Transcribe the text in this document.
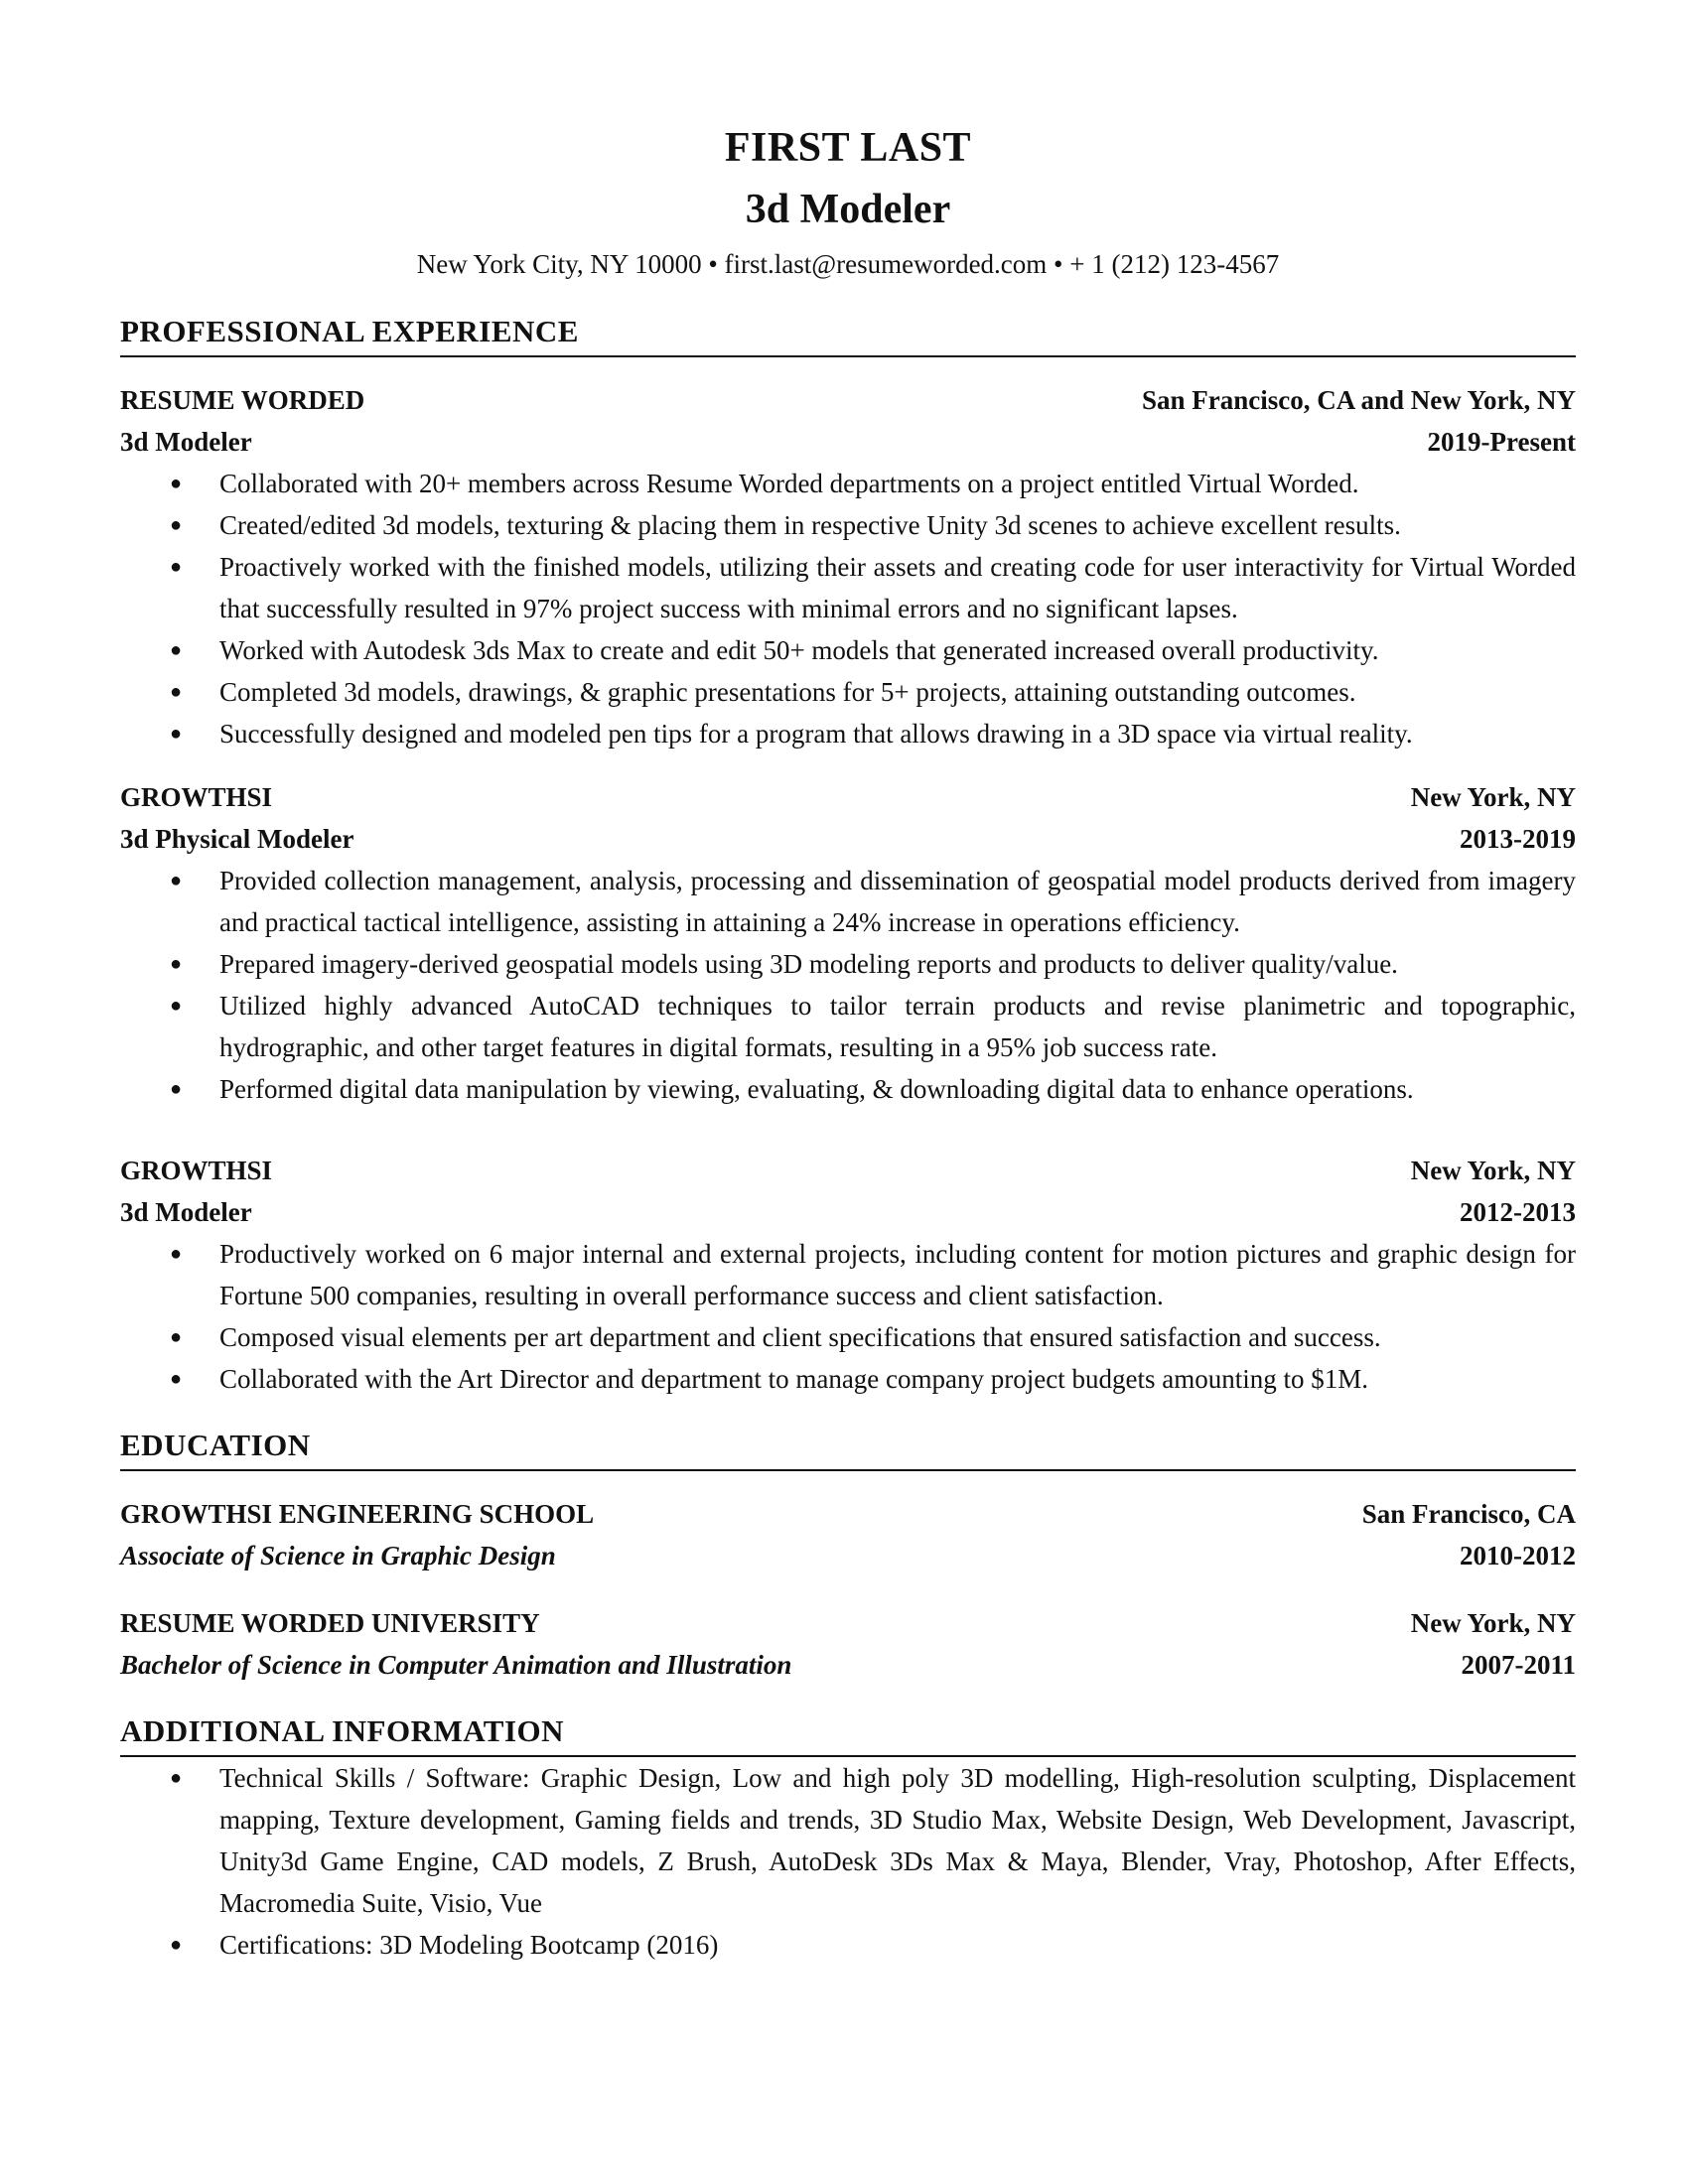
FIRST LAST
3d Modeler
New York City, NY 10000 • first.last@resumeworded.com • + 1 (212) 123-4567
PROFESSIONAL EXPERIENCE
RESUME WORDED	San Francisco, CA and New York, NY
3d Modeler	2019-Present
● Collaborated with 20+ members across Resume Worded departments on a project entitled Virtual Worded.
● Created/edited 3d models, texturing & placing them in respective Unity 3d scenes to achieve excellent results.
● Proactively worked with the finished models, utilizing their assets and creating code for user interactivity for Virtual Worded that successfully resulted in 97% project success with minimal errors and no significant lapses.
● Worked with Autodesk 3ds Max to create and edit 50+ models that generated increased overall productivity.
● Completed 3d models, drawings, & graphic presentations for 5+ projects, attaining outstanding outcomes.
● Successfully designed and modeled pen tips for a program that allows drawing in a 3D space via virtual reality.
GROWTHSI	New York, NY
3d Physical Modeler	2013-2019
● Provided collection management, analysis, processing and dissemination of geospatial model products derived from imagery and practical tactical intelligence, assisting in attaining a 24% increase in operations efficiency.
● Prepared imagery-derived geospatial models using 3D modeling reports and products to deliver quality/value.
● Utilized highly advanced AutoCAD techniques to tailor terrain products and revise planimetric and topographic, hydrographic, and other target features in digital formats, resulting in a 95% job success rate.
● Performed digital data manipulation by viewing, evaluating, & downloading digital data to enhance operations.
GROWTHSI	New York, NY
3d Modeler	2012-2013
● Productively worked on 6 major internal and external projects, including content for motion pictures and graphic design for Fortune 500 companies, resulting in overall performance success and client satisfaction.
● Composed visual elements per art department and client specifications that ensured satisfaction and success.
● Collaborated with the Art Director and department to manage company project budgets amounting to $1M.
EDUCATION
GROWTHSI ENGINEERING SCHOOL	San Francisco, CA
Associate of Science in Graphic Design	2010-2012
RESUME WORDED UNIVERSITY	New York, NY
Bachelor of Science in Computer Animation and Illustration	2007-2011
ADDITIONAL INFORMATION
● Technical Skills / Software: Graphic Design, Low and high poly 3D modelling, High-resolution sculpting, Displacement mapping, Texture development, Gaming fields and trends, 3D Studio Max, Website Design, Web Development, Javascript, Unity3d Game Engine, CAD models, Z Brush, AutoDesk 3Ds Max & Maya, Blender, Vray, Photoshop, After Effects, Macromedia Suite, Visio, Vue
● Certifications: 3D Modeling Bootcamp (2016)
